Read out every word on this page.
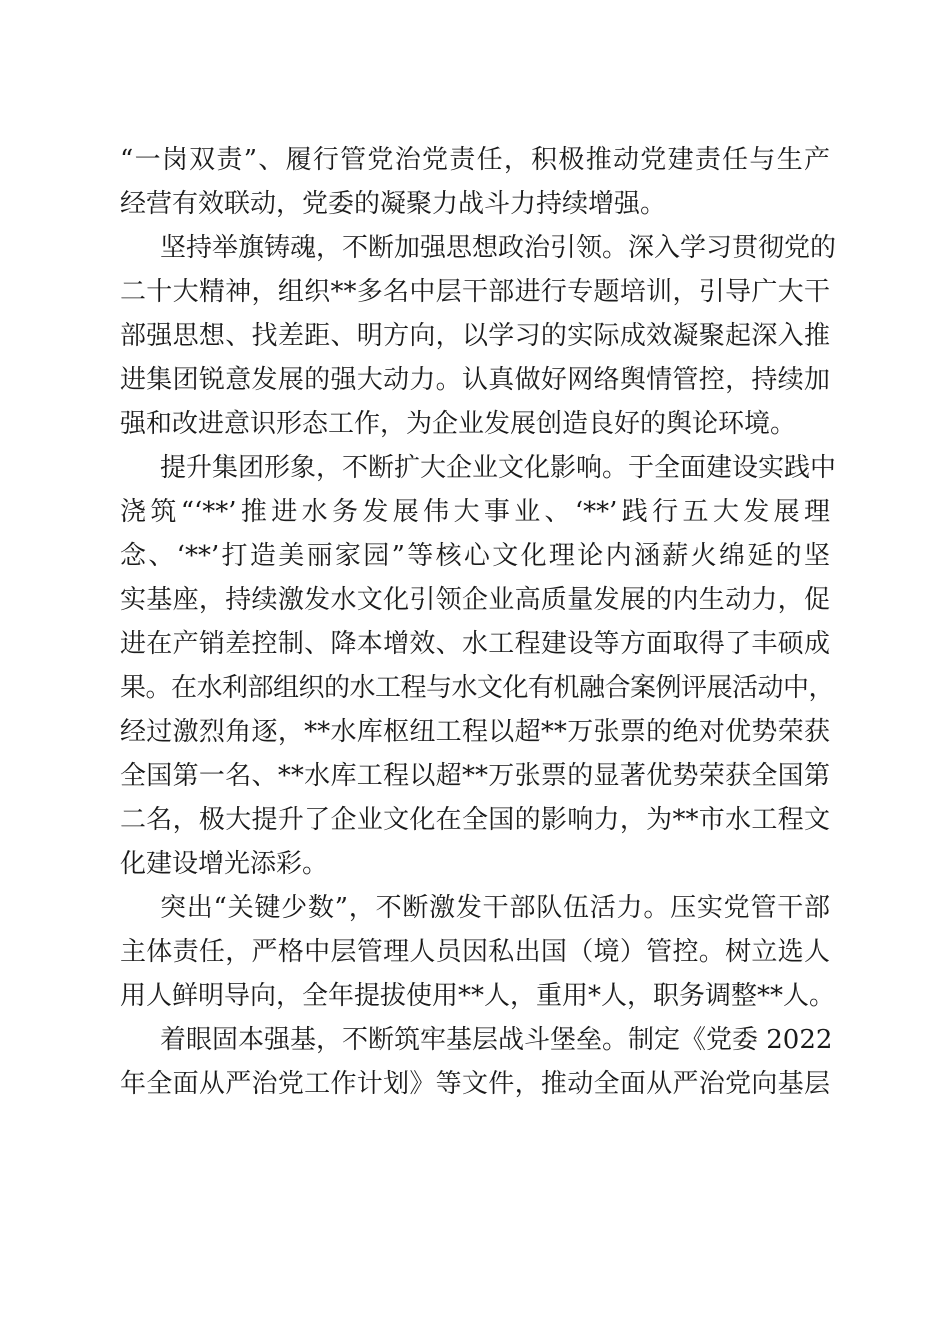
“一岗双责”、履行管党治党责任，积极推动党建责任与生产
经营有效联动，党委的凝聚力战斗力持续增强。
坚持举旗铸魂，不断加强思想政治引领。深入学习贯彻党的
二十大精神，组织**多名中层干部进行专题培训，引导广大干
部强思想、找差距、明方向，以学习的实际成效凝聚起深入推
进集团锐意发展的强大动力。认真做好网络舆情管控，持续加
强和改进意识形态工作，为企业发展创造良好的舆论环境。
提升集团形象，不断扩大企业文化影响。于全面建设实践中
浇筑“‘**’推进水务发展伟大事业、‘**’践行五大发展理
念、‘**’打造美丽家园”等核心文化理论内涵薪火绵延的坚
实基座，持续激发水文化引领企业高质量发展的内生动力，促
进在产销差控制、降本增效、水工程建设等方面取得了丰硕成
果。在水利部组织的水工程与水文化有机融合案例评展活动中，
经过激烈角逐，**水库枢纽工程以超**万张票的绝对优势荣获
全国第一名、**水库工程以超**万张票的显著优势荣获全国第
二名，极大提升了企业文化在全国的影响力，为**市水工程文
化建设增光添彩。
突出“关键少数”，不断激发干部队伍活力。压实党管干部
主体责任，严格中层管理人员因私出国（境）管控。树立选人
用人鲜明导向，全年提拔使用**人，重用*人，职务调整**人。
着眼固本强基，不断筑牢基层战斗堡垒。制定《党委 2022
年全面从严治党工作计划》等文件，推动全面从严治党向基层
